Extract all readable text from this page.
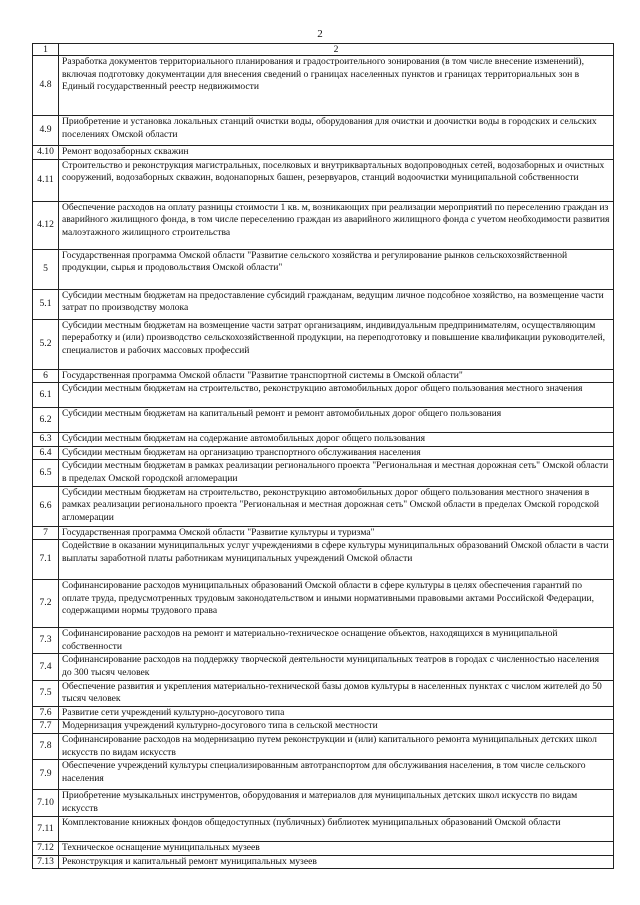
2
1	2
4.8	Разработка документов территориального планирования и градостроительного зонирования (в том числе внесение изменений), включая подготовку документации для внесения сведений о границах населенных пунктов и границах территориальных зон в Единый государственный реестр недвижимости
4.9	Приобретение и установка локальных станций очистки воды, оборудования для очистки и доочистки воды в городских и сельских поселениях Омской области
4.10	Ремонт водозаборных скважин
4.11	Строительство и реконструкция магистральных, поселковых и внутриквартальных водопроводных сетей, водозаборных и очистных сооружений, водозаборных скважин, водонапорных башен, резервуаров, станций водоочистки муниципальной собственности
4.12	Обеспечение расходов на оплату разницы стоимости 1 кв. м, возникающих при реализации мероприятий по переселению граждан из аварийного жилищного фонда, в том числе переселению граждан из аварийного жилищного фонда с учетом необходимости развития малоэтажного жилищного строительства
5	Государственная программа Омской области "Развитие сельского хозяйства и регулирование рынков сельскохозяйственной продукции, сырья и продовольствия Омской области"
5.1	Субсидии местным бюджетам на предоставление субсидий гражданам, ведущим личное подсобное хозяйство, на возмещение части затрат по производству молока
5.2	Субсидии местным бюджетам на возмещение части затрат организациям, индивидуальным предпринимателям, осуществляющим переработку и (или) производство сельскохозяйственной продукции, на переподготовку и повышение квалификации руководителей, специалистов и рабочих массовых профессий
6	Государственная программа Омской области "Развитие транспортной системы в Омской области"
6.1	Субсидии местным бюджетам на строительство, реконструкцию автомобильных дорог общего пользования местного значения
6.2	Субсидии местным бюджетам на капитальный ремонт и ремонт автомобильных дорог общего пользования
6.3	Субсидии местным бюджетам на содержание автомобильных дорог общего пользования
6.4	Субсидии местным бюджетам на организацию транспортного обслуживания населения
6.5	Субсидии местным бюджетам в рамках реализации регионального проекта "Региональная и местная дорожная сеть" Омской области в пределах Омской городской агломерации
6.6	Субсидии местным бюджетам на строительство, реконструкцию автомобильных дорог общего пользования местного значения в рамках реализации регионального проекта "Региональная и местная дорожная сеть" Омской области в пределах Омской городской агломерации
7	Государственная программа Омской области "Развитие культуры и туризма"
7.1	Содействие в оказании муниципальных услуг учреждениями в сфере культуры муниципальных образований Омской области в части выплаты заработной платы работникам муниципальных учреждений Омской области
7.2	Софинансирование расходов муниципальных образований Омской области в сфере культуры в целях обеспечения гарантий по оплате труда, предусмотренных трудовым законодательством и иными нормативными правовыми актами Российской Федерации, содержащими нормы трудового права
7.3	Софинансирование расходов на ремонт и материально-техническое оснащение объектов, находящихся в муниципальной собственности
7.4	Софинансирование расходов на поддержку творческой деятельности муниципальных театров в городах с численностью населения до 300 тысяч человек
7.5	Обеспечение развития и укрепления материально-технической базы домов культуры в населенных пунктах с числом жителей до 50 тысяч человек
7.6	Развитие сети учреждений культурно-досугового типа
7.7	Модернизация учреждений культурно-досугового типа в сельской местности
7.8	Софинансирование расходов на модернизацию путем реконструкции и (или) капитального ремонта муниципальных детских школ искусств по видам искусств
7.9	Обеспечение учреждений культуры специализированным автотранспортом для обслуживания населения, в том числе сельского населения
7.10	Приобретение музыкальных инструментов, оборудования и материалов для муниципальных детских школ искусств по видам искусств
7.11	Комплектование книжных фондов общедоступных (публичных) библиотек муниципальных образований Омской области
7.12	Техническое оснащение муниципальных музеев
7.13	Реконструкция и капитальный ремонт муниципальных музеев
